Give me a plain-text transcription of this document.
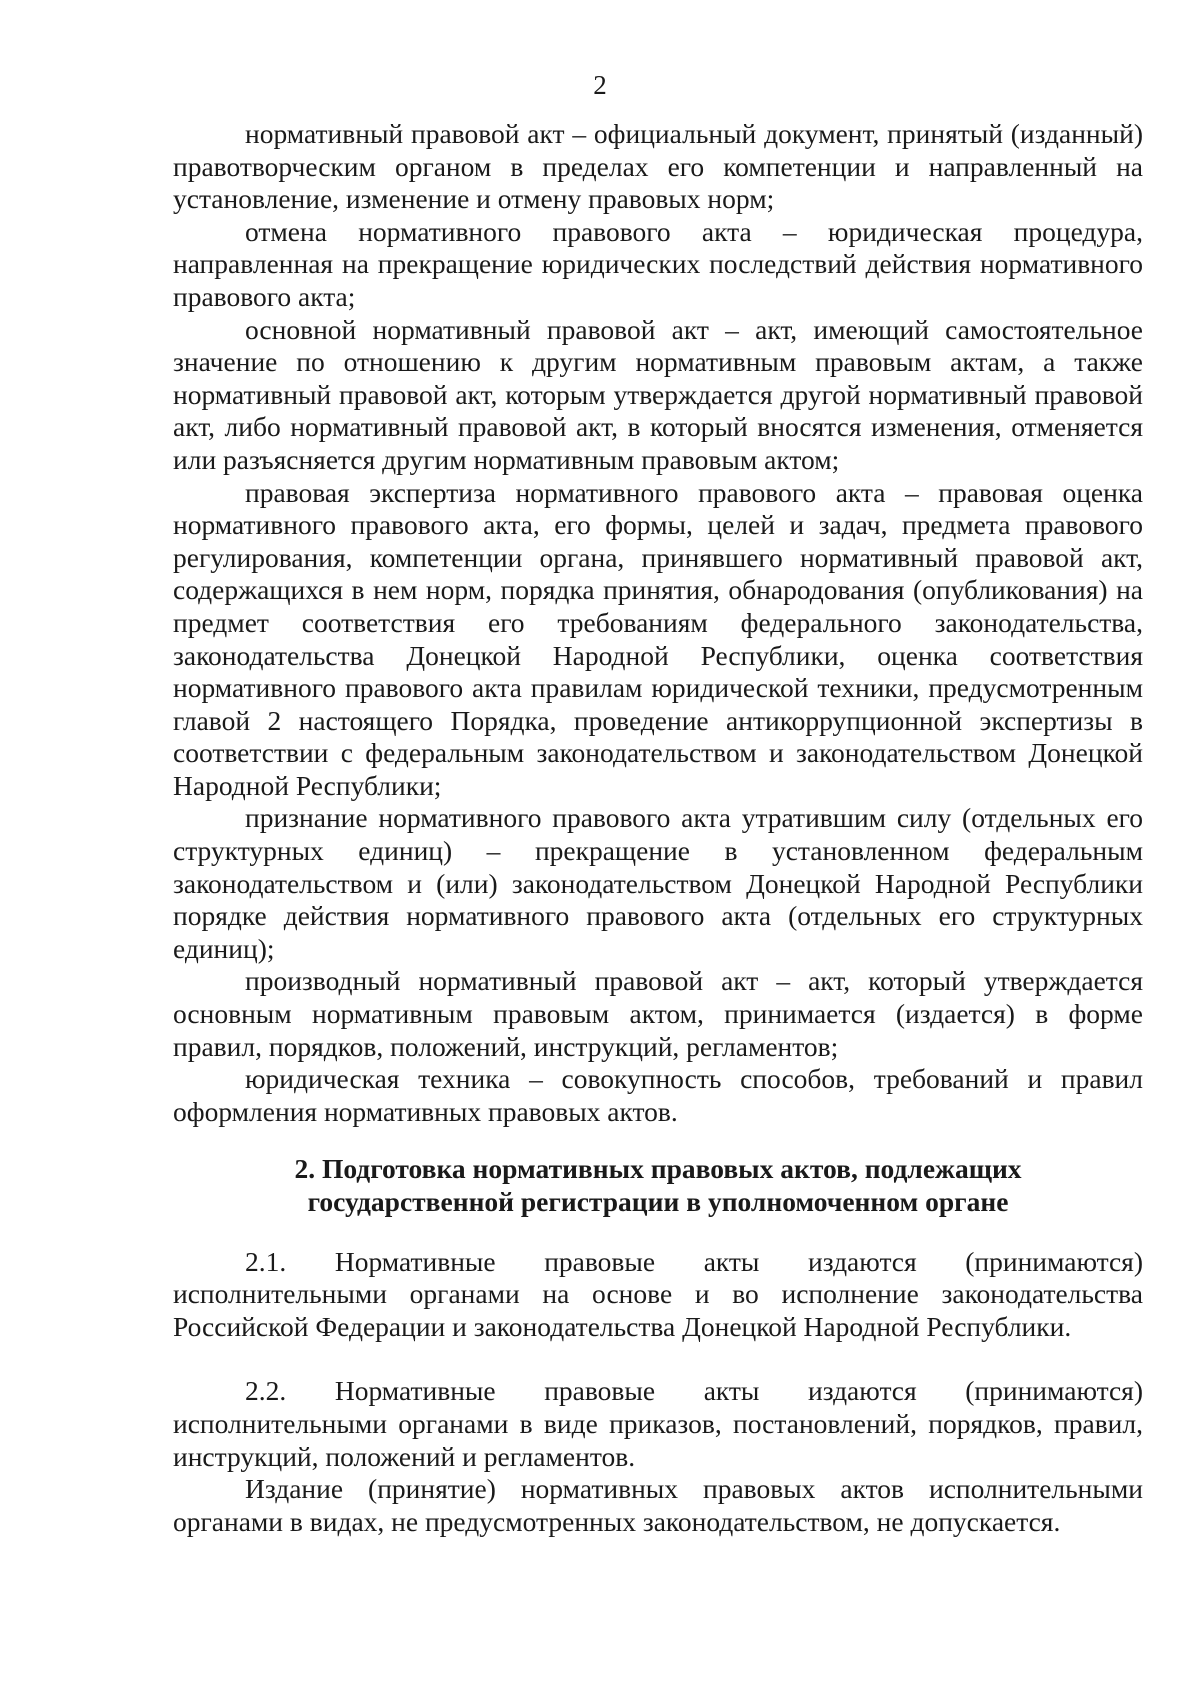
2

нормативный правовой акт – официальный документ, принятый (изданный) правотворческим органом в пределах его компетенции и направленный на установление, изменение и отмену правовых норм;

отмена нормативного правового акта – юридическая процедура, направленная на прекращение юридических последствий действия нормативного правового акта;

основной нормативный правовой акт – акт, имеющий самостоятельное значение по отношению к другим нормативным правовым актам, а также нормативный правовой акт, которым утверждается другой нормативный правовой акт, либо нормативный правовой акт, в который вносятся изменения, отменяется или разъясняется другим нормативным правовым актом;

правовая экспертиза нормативного правового акта – правовая оценка нормативного правового акта, его формы, целей и задач, предмета правового регулирования, компетенции органа, принявшего нормативный правовой акт, содержащихся в нем норм, порядка принятия, обнародования (опубликования) на предмет соответствия его требованиям федерального законодательства, законодательства Донецкой Народной Республики, оценка соответствия нормативного правового акта правилам юридической техники, предусмотренным главой 2 настоящего Порядка, проведение антикоррупционной экспертизы в соответствии с федеральным законодательством и законодательством Донецкой Народной Республики;

признание нормативного правового акта утратившим силу (отдельных его структурных единиц) – прекращение в установленном федеральным законодательством и (или) законодательством Донецкой Народной Республики порядке действия нормативного правового акта (отдельных его структурных единиц);

производный нормативный правовой акт – акт, который утверждается основным нормативным правовым актом, принимается (издается) в форме правил, порядков, положений, инструкций, регламентов;

юридическая техника – совокупность способов, требований и правил оформления нормативных правовых актов.

2. Подготовка нормативных правовых актов, подлежащих
государственной регистрации в уполномоченном органе

2.1. Нормативные правовые акты издаются (принимаются) исполнительными органами на основе и во исполнение законодательства Российской Федерации и законодательства Донецкой Народной Республики.

2.2. Нормативные правовые акты издаются (принимаются) исполнительными органами в виде приказов, постановлений, порядков, правил, инструкций, положений и регламентов.

Издание (принятие) нормативных правовых актов исполнительными органами в видах, не предусмотренных законодательством, не допускается.
